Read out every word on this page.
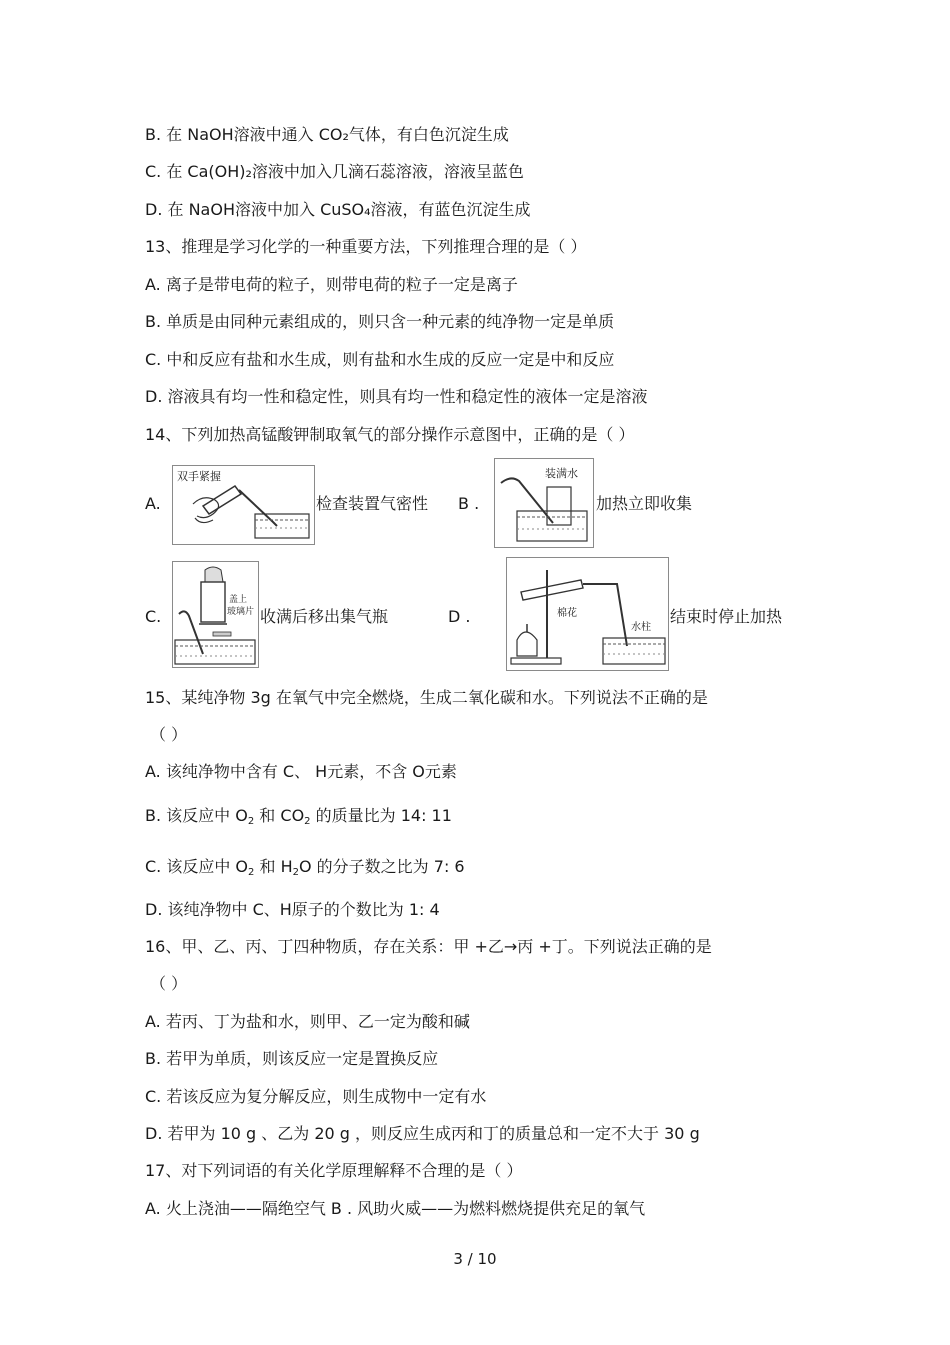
B. 在 NaOH溶液中通入 CO₂气体，有白色沉淀生成
C. 在 Ca(OH)₂溶液中加入几滴石蕊溶液，溶液呈蓝色
D. 在 NaOH溶液中加入 CuSO₄溶液，有蓝色沉淀生成
13、推理是学习化学的一种重要方法，下列推理合理的是（ ）
A. 离子是带电荷的粒子，则带电荷的粒子一定是离子
B. 单质是由同种元素组成的，则只含一种元素的纯净物一定是单质
C. 中和反应有盐和水生成，则有盐和水生成的反应一定是中和反应
D. 溶液具有均一性和稳定性，则具有均一性和稳定性的液体一定是溶液
14、下列加热高锰酸钾制取氧气的部分操作示意图中，正确的是（ ）
A.
双手紧握
检查装置气密性 B .
装满水
加热立即收集
C.
盖上
玻璃片 收满后移出集气瓶	D .	棉花
水柱
结束时停止加热
15、某纯净物 3g 在氧气中完全燃烧，生成二氧化碳和水。下列说法不正确的是
（ ）
A. 该纯净物中含有 C、 H元素，不含 O元素
B. 该反应中 $O_2$ 和 $CO_2$ 的质量比为 14: 11
C. 该反应中 $O_2$ 和 $H_2O$ 的分子数之比为 7: 6
D. 该纯净物中 C、H原子的个数比为 1: 4
16、甲、乙、丙、丁四种物质，存在关系：甲 +乙→丙 +丁。下列说法正确的是
（ ）
A. 若丙、丁为盐和水，则甲、乙一定为酸和碱
B. 若甲为单质，则该反应一定是置换反应
C. 若该反应为复分解反应，则生成物中一定有水
D. 若甲为 10 g 、乙为 20 g ，则反应生成丙和丁的质量总和一定不大于 30 g
17、对下列词语的有关化学原理解释不合理的是（ ）
A. 火上浇油——隔绝空气 B . 风助火威——为燃料燃烧提供充足的氧气
3 / 10
